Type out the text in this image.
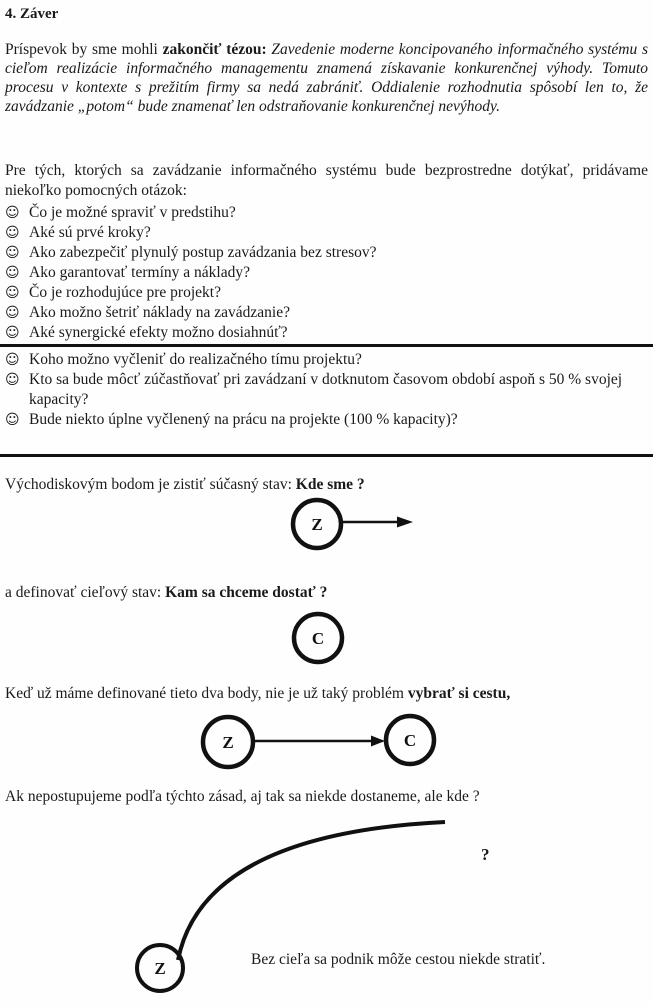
4. Záver
Príspevok by sme mohli zakončiť tézou: Zavedenie moderne koncipovaného informačného systému s cieľom realizácie informačného managementu znamená získavanie konkurenčnej výhody. Tomuto procesu v kontexte s prežitím firmy sa nedá zabrániť. Oddialenie rozhodnutia spôsobí len to, že zavádzanie „potom“ bude znamenať len odstraňovanie konkurenčnej nevýhody.
Pre tých, ktorých sa zavádzanie informačného systému bude bezprostredne dotýkať, pridávame niekoľko pomocných otázok:
☺ Čo je možné spraviť v predstihu?
☺ Aké sú prvé kroky?
☺ Ako zabezpečiť plynulý postup zavádzania bez stresov?
☺ Ako garantovať termíny a náklady?
☺ Čo je rozhodujúce pre projekt?
☺ Ako možno šetriť náklady na zavádzanie?
☺ Aké synergické efekty možno dosiahnúť?
☺ Koho možno vyčleniť do realizačného tímu projektu?
☺ Kto sa bude môcť zúčastňovať pri zavádzaní v dotknutom časovom období aspoň s 50 % svojej kapacity?
☺ Bude niekto úplne vyčlenený na prácu na projekte (100 % kapacity)?
Východiskovým bodom je zistiť súčasný stav: Kde sme ?
Z
a definovať cieľový stav: Kam sa chceme dostať ?
C
Keď už máme definované tieto dva body, nie je už taký problém vybrať si cestu,
Z	C
Ak nepostupujeme podľa týchto zásad, aj tak sa niekde dostaneme, ale kde ?
Z
?
Bez cieľa sa podnik môže cestou niekde stratiť.
